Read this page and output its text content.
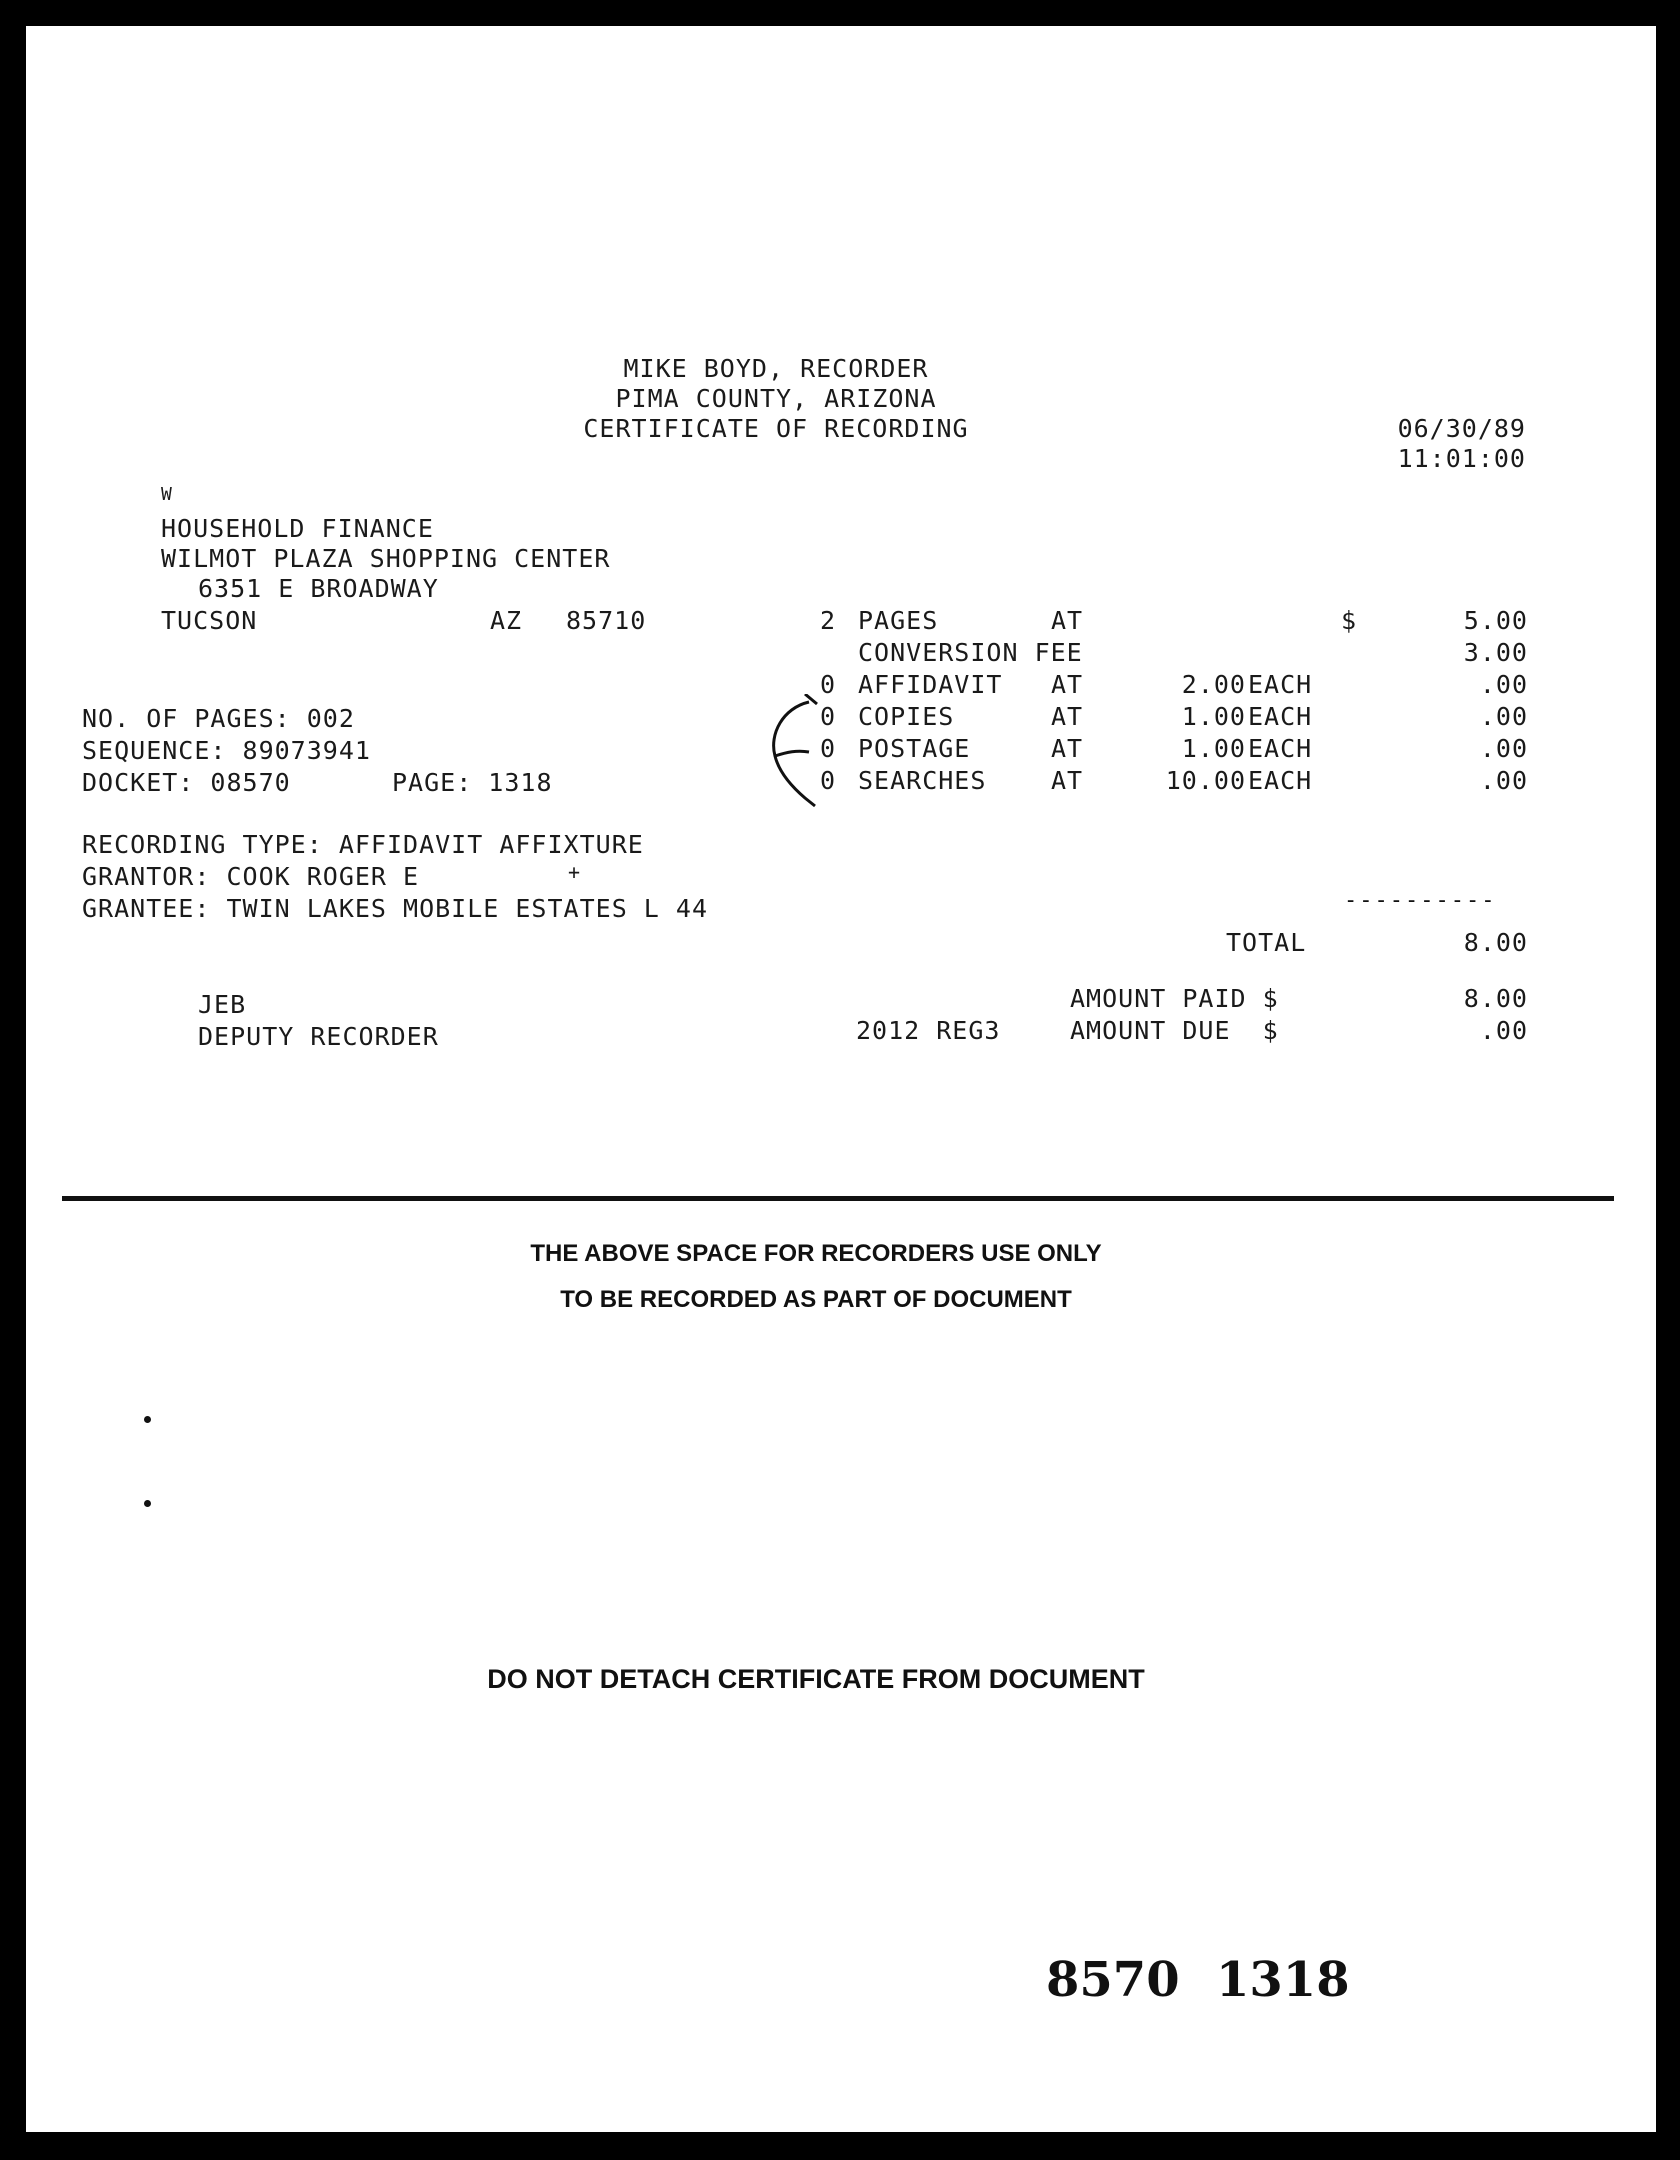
MIKE BOYD, RECORDER
PIMA COUNTY, ARIZONA
CERTIFICATE OF RECORDING	06/30/89
11:01:00
W
HOUSEHOLD FINANCE
WILMOT PLAZA SHOPPING CENTER
6351 E BROADWAY
TUCSON	AZ 85710	2 PAGES	AT	$	5.00
CONVERSION FEE	3.00
0 AFFIDAVIT AT	2.00 EACH	.00
0 COPIES	AT	1.00 EACH	.00
0 POSTAGE	AT	1.00 EACH	.00
0 SEARCHES	AT	10.00 EACH	.00
NO. OF PAGES: 002
SEQUENCE: 89073941
DOCKET: 08570	PAGE: 1318
RECORDING TYPE: AFFIDAVIT AFFIXTURE
GRANTOR: COOK ROGER E	+
GRANTEE: TWIN LAKES MOBILE ESTATES L 44	----------
TOTAL	8.00
JEB
DEPUTY RECORDER
AMOUNT PAID $	8.00
2012 REG3	AMOUNT DUE  $	.00
THE ABOVE SPACE FOR RECORDERS USE ONLY
TO BE RECORDED AS PART OF DOCUMENT
DO NOT DETACH CERTIFICATE FROM DOCUMENT
8570 1318
